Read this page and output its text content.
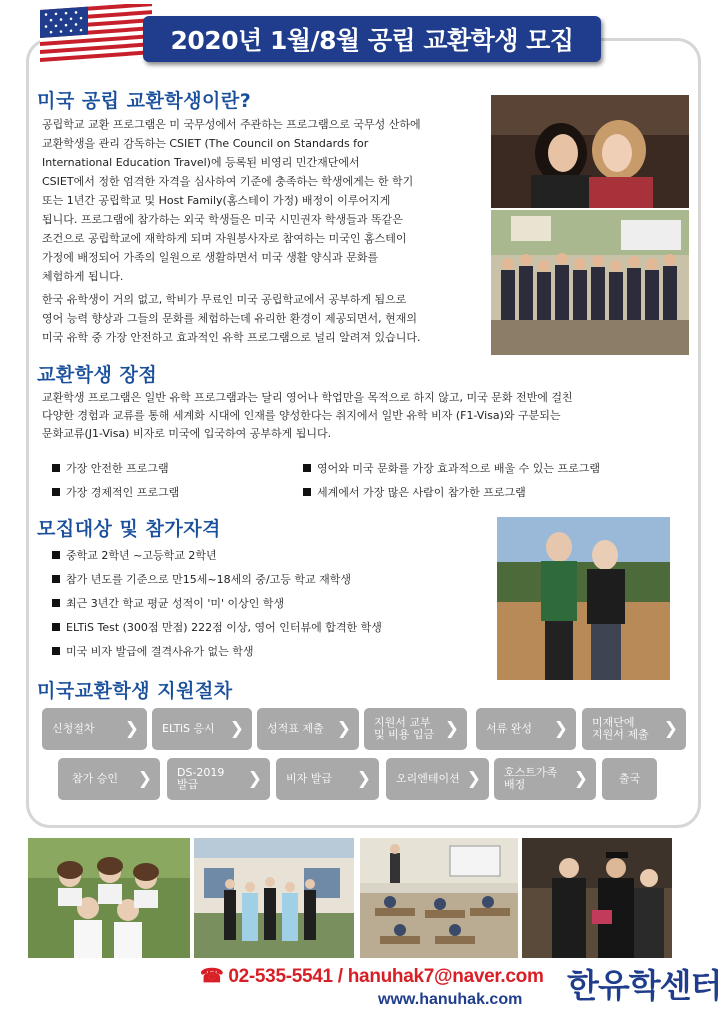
2020년 1월/8월 공립 교환학생 모집
미국 공립 교환학생이란?

공립학교 교환 프로그램은 미 국무성에서 주관하는 프로그램으로 국무성 산하에

교환학생을 관리 감독하는 CSIET (The Council on Standards for

International Education Travel)에 등록된 비영리 민간재단에서

CSIET에서 정한 엄격한 자격을 심사하여 기준에 충족하는 학생에게는 한 학기

또는 1년간 공립학교 및 Host Family(홈스테이 가정) 배정이 이루어지게

됩니다. 프로그램에 참가하는 외국 학생들은 미국 시민권자 학생들과 똑같은

조건으로 공립학교에 재학하게 되며 자원봉사자로 참여하는 미국인 홈스테이

가정에 배정되어 가족의 일원으로 생활하면서 미국 생활 양식과 문화를

체험하게 됩니다.

한국 유학생이 거의 없고, 학비가 무료인 미국 공립학교에서 공부하게 됨으로

영어 능력 향상과 그들의 문화를 체험하는데 유리한 환경이 제공되면서, 현재의

미국 유학 중 가장 안전하고 효과적인 유학 프로그램으로 널리 알려져 있습니다.

교환학생 장점

교환학생 프로그램은 일반 유학 프로그램과는 달리 영어나 학업만을 목적으로 하지 않고, 미국 문화 전반에 걸친

다양한 경험과 교류를 통해 세계화 시대에 인재를 양성한다는 취지에서 일반 유학 비자 (F1-Visa)와 구분되는

문화교류(J1-Visa) 비자로 미국에 입국하여 공부하게 됩니다.

가장 안전한 프로그램
가장 경제적인 프로그램
영어와 미국 문화를 가장 효과적으로 배울 수 있는 프로그램
세계에서 가장 많은 사람이 참가한 프로그램
모집대상 및 참가자격
중학교 2학년 ~고등학교 2학년
참가 년도를 기준으로 만15세~18세의 중/고등 학교 재학생
최근 3년간 학교 평균 성적이 '미' 이상인 학생
ELTiS Test (300점 만점) 222점 이상, 영어 인터뷰에 합격한 학생
미국 비자 발급에 결격사유가 없는 학생
미국교환학생 지원절차
신청절차 ❯ ELTiS 응시 ❯ 성적표 제출 ❯ 지원서 교부
및 비용 입금 ❯ 서류 완성 ❯ 미재단에
지원서 제출 ❯
참가 승인 ❯ DS-2019
발급	❯ 비자 발급 ❯ 오리엔테이션 ❯ 호스트가족
배정	❯	출국
☎ 02-535-5541 / hanuhak7@naver.com
www.hanuhak.com 한유학센터
